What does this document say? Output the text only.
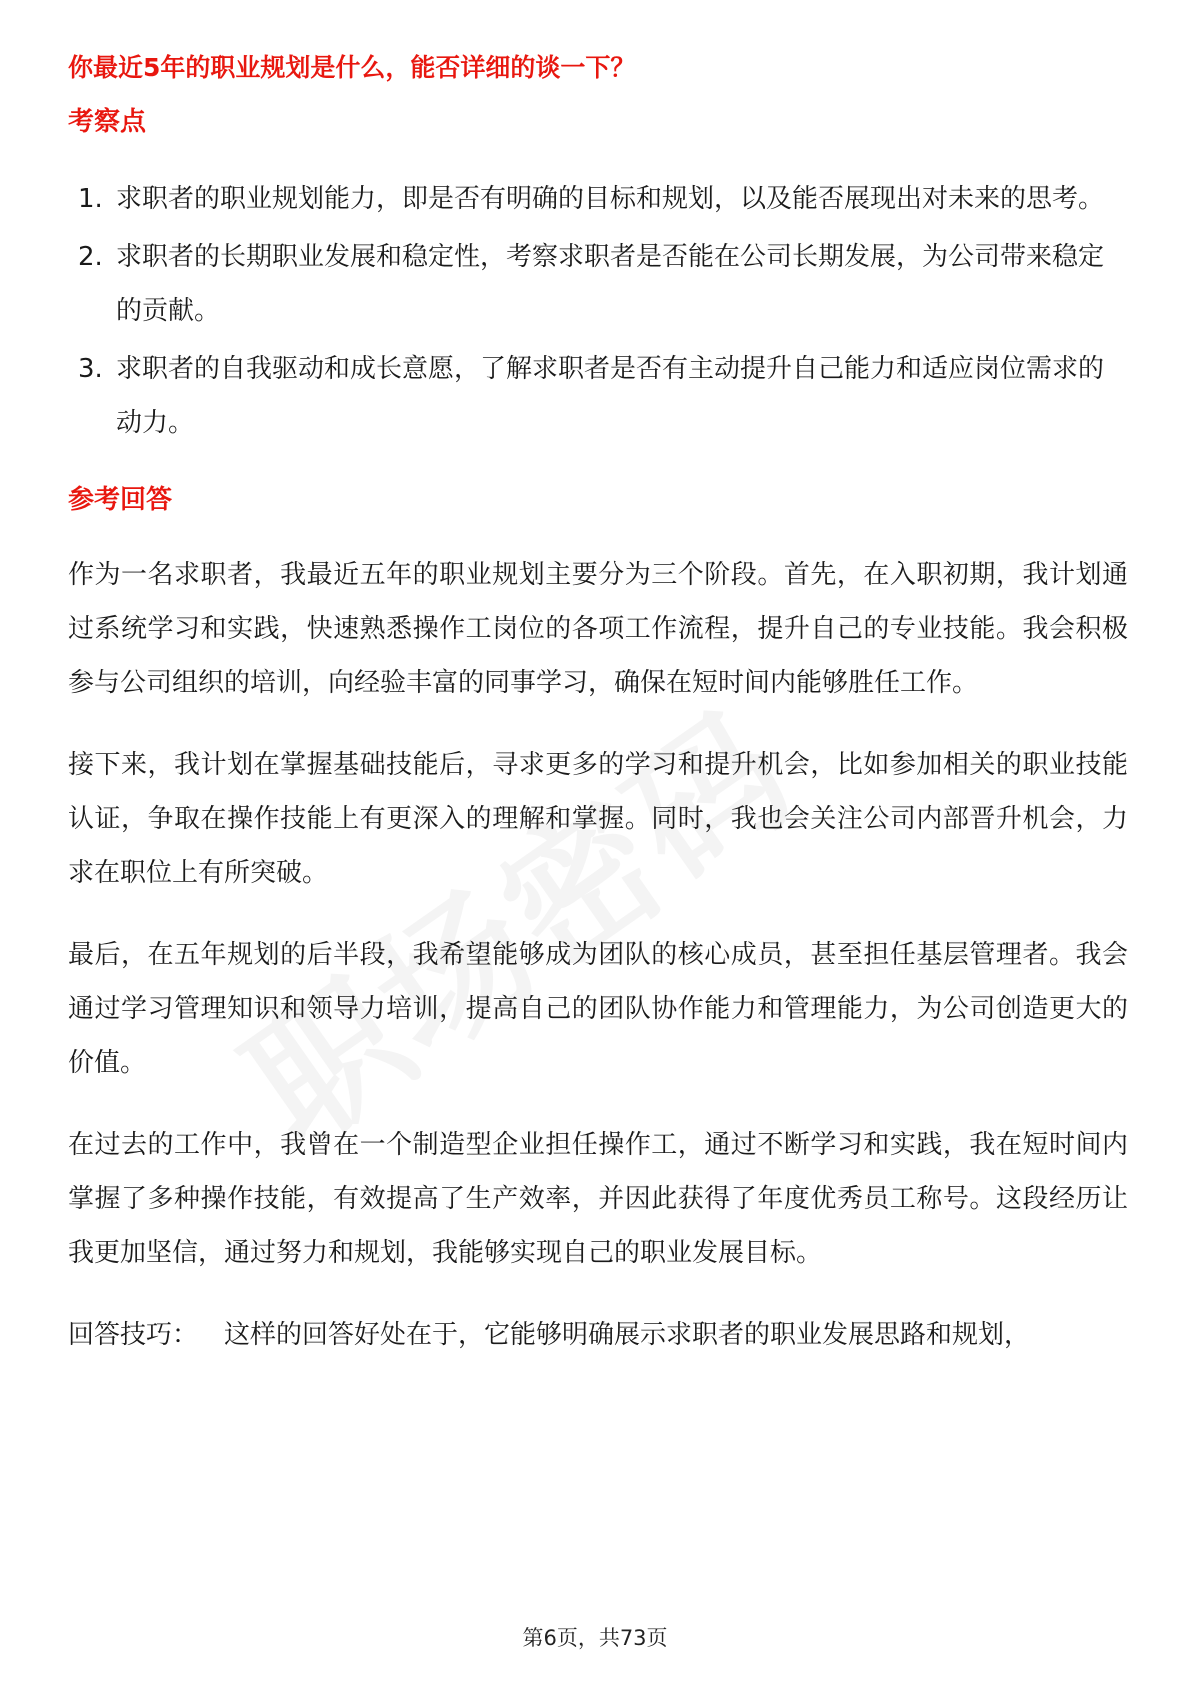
你最近5年的职业规划是什么，能否详细的谈一下？

考察点
1. 求职者的职业规划能力，即是否有明确的目标和规划，以及能否展现出对未来的思考。
2. 求职者的长期职业发展和稳定性，考察求职者是否能在公司长期发展，为公司带来稳定的贡献。
3. 求职者的自我驱动和成长意愿，了解求职者是否有主动提升自己能力和适应岗位需求的动力。
参考回答

作为一名求职者，我最近五年的职业规划主要分为三个阶段。首先，在入职初期，我计划通过系统学习和实践，快速熟悉操作工岗位的各项工作流程，提升自己的专业技能。我会积极参与公司组织的培训，向经验丰富的同事学习，确保在短时间内能够胜任工作。

接下来，我计划在掌握基础技能后，寻求更多的学习和提升机会，比如参加相关的职业技能认证，争取在操作技能上有更深入的理解和掌握。同时，我也会关注公司内部晋升机会，力求在职位上有所突破。

最后，在五年规划的后半段，我希望能够成为团队的核心成员，甚至担任基层管理者。我会通过学习管理知识和领导力培训，提高自己的团队协作能力和管理能力，为公司创造更大的价值。

在过去的工作中，我曾在一个制造型企业担任操作工，通过不断学习和实践，我在短时间内掌握了多种操作技能，有效提高了生产效率，并因此获得了年度优秀员工称号。这段经历让我更加坚信，通过努力和规划，我能够实现自己的职业发展目标。

回答技巧： 这样的回答好处在于，它能够明确展示求职者的职业发展思路和规划，

第6页，共73页
